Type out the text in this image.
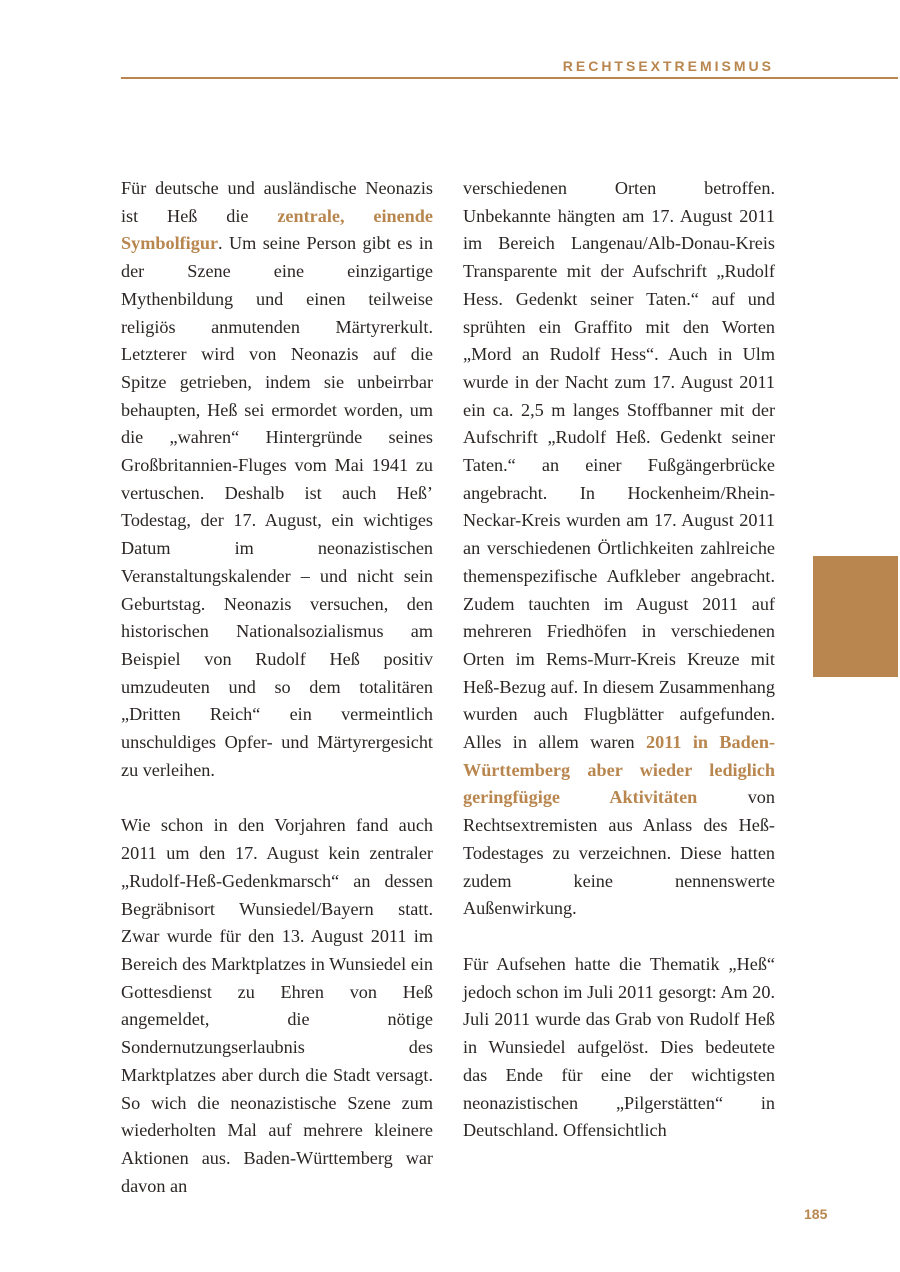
RECHTSEXTREMISMUS

Für deutsche und ausländische Neonazis ist Heß die zentrale, einende Symbolfigur. Um seine Person gibt es in der Szene eine einzigartige Mythenbildung und einen teilweise religiös anmutenden Märtyrerkult. Letzterer wird von Neonazis auf die Spitze getrieben, indem sie unbeirrbar behaupten, Heß sei ermordet worden, um die „wahren“ Hintergründe seines Großbritannien-Fluges vom Mai 1941 zu vertuschen. Deshalb ist auch Heß’ Todestag, der 17. August, ein wichtiges Datum im neonazistischen Veranstaltungskalender – und nicht sein Geburtstag. Neonazis versuchen, den historischen Nationalsozialismus am Beispiel von Rudolf Heß positiv umzudeuten und so dem totalitären „Dritten Reich“ ein vermeintlich unschuldiges Opfer- und Märtyrergesicht zu verleihen.

Wie schon in den Vorjahren fand auch 2011 um den 17. August kein zentraler „Rudolf-Heß-Gedenkmarsch“ an dessen Begräbnisort Wunsiedel/Bayern statt. Zwar wurde für den 13. August 2011 im Bereich des Marktplatzes in Wunsiedel ein Gottesdienst zu Ehren von Heß angemeldet, die nötige Sondernutzungserlaubnis des Marktplatzes aber durch die Stadt versagt. So wich die neonazistische Szene zum wiederholten Mal auf mehrere kleinere Aktionen aus. Baden-Württemberg war davon an

verschiedenen Orten betroffen. Unbekannte hängten am 17. August 2011 im Bereich Langenau/Alb-Donau-Kreis Transparente mit der Aufschrift „Rudolf Hess. Gedenkt seiner Taten.“ auf und sprühten ein Graffito mit den Worten „Mord an Rudolf Hess“. Auch in Ulm wurde in der Nacht zum 17. August 2011 ein ca. 2,5 m langes Stoffbanner mit der Aufschrift „Rudolf Heß. Gedenkt seiner Taten.“ an einer Fußgängerbrücke angebracht. In Hockenheim/Rhein-Neckar-Kreis wurden am 17. August 2011 an verschiedenen Örtlichkeiten zahlreiche themenspezifische Aufkleber angebracht. Zudem tauchten im August 2011 auf mehreren Friedhöfen in verschiedenen Orten im Rems-Murr-Kreis Kreuze mit Heß-Bezug auf. In diesem Zusammenhang wurden auch Flugblätter aufgefunden. Alles in allem waren 2011 in Baden-Württemberg aber wieder lediglich geringfügige Aktivitäten von Rechtsextremisten aus Anlass des Heß-Todestages zu verzeichnen. Diese hatten zudem keine nennenswerte Außenwirkung.

Für Aufsehen hatte die Thematik „Heß“ jedoch schon im Juli 2011 gesorgt: Am 20. Juli 2011 wurde das Grab von Rudolf Heß in Wunsiedel aufgelöst. Dies bedeutete das Ende für eine der wichtigsten neonazistischen „Pilgerstätten“ in Deutschland. Offensichtlich

185
